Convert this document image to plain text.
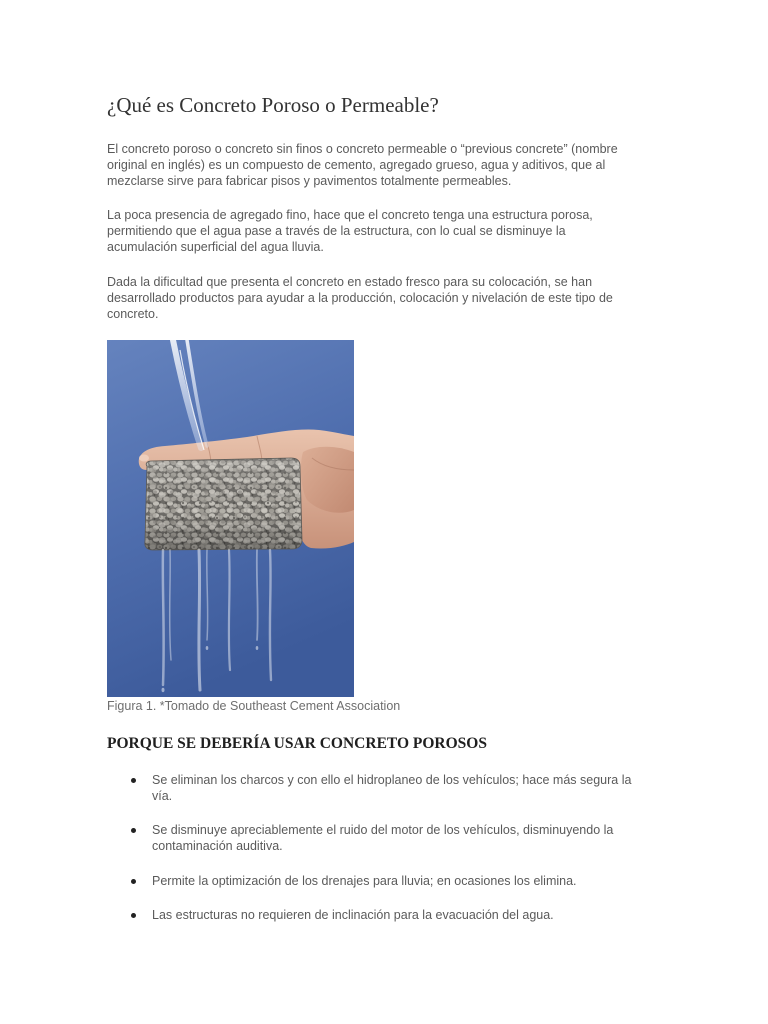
¿Qué es Concreto Poroso o Permeable?

El concreto poroso o concreto sin finos o concreto permeable o “previous concrete” (nombre
original en inglés) es un compuesto de cemento, agregado grueso, agua y aditivos, que al
mezclarse sirve para fabricar pisos y pavimentos totalmente permeables.

La poca presencia de agregado fino, hace que el concreto tenga una estructura porosa,
permitiendo que el agua pase a través de la estructura, con lo cual se disminuye la
acumulación superficial del agua lluvia.

Dada la dificultad que presenta el concreto en estado fresco para su colocación, se han
desarrollado productos para ayudar a la producción, colocación y nivelación de este tipo de
concreto.

Figura 1. *Tomado de Southeast Cement Association

PORQUE SE DEBERÍA USAR CONCRETO POROSOS
Se eliminan los charcos y con ello el hidroplaneo de los vehículos; hace más segura la
vía.
Se disminuye apreciablemente el ruido del motor de los vehículos, disminuyendo la
contaminación auditiva.
Permite la optimización de los drenajes para lluvia; en ocasiones los elimina.
Las estructuras no requieren de inclinación para la evacuación del agua.
